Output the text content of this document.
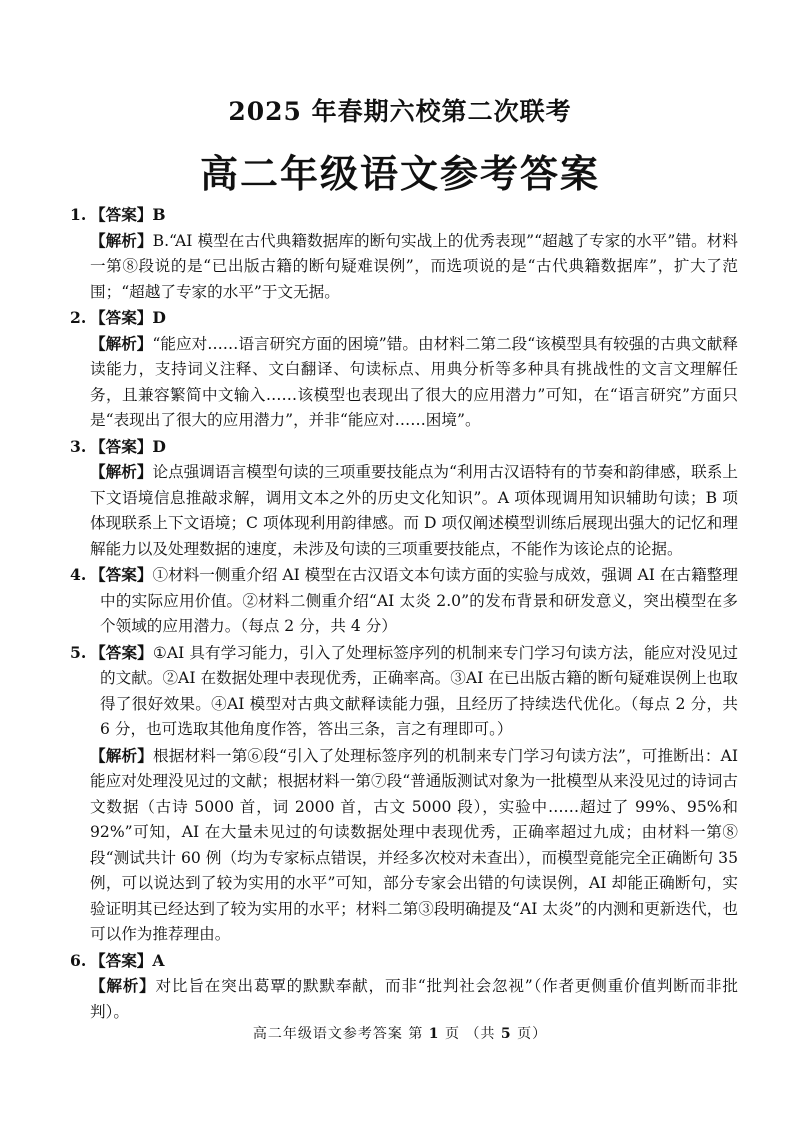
2025 年春期六校第二次联考
高二年级语文参考答案
1. 【答案】 B
【解析】B.“AI 模型在古代典籍数据库的断句实战上的优秀表现”“超越了专家的水平”错。材料一第⑧段说的是“已出版古籍的断句疑难误例”，而选项说的是“古代典籍数据库”，扩大了范围；“超越了专家的水平”于文无据。
2. 【答案】 D
【解析】“能应对……语言研究方面的困境”错。由材料二第二段“该模型具有较强的古典文献释读能力，支持词义注释、文白翻译、句读标点、用典分析等多种具有挑战性的文言文理解任务，且兼容繁简中文输入……该模型也表现出了很大的应用潜力”可知，在“语言研究”方面只是“表现出了很大的应用潜力”，并非“能应对……困境”。
3. 【答案】 D
【解析】论点强调语言模型句读的三项重要技能点为“利用古汉语特有的节奏和韵律感，联系上下文语境信息推敲求解，调用文本之外的历史文化知识”。A 项体现调用知识辅助句读；B 项体现联系上下文语境；C 项体现利用韵律感。而 D 项仅阐述模型训练后展现出强大的记忆和理解能力以及处理数据的速度，未涉及句读的三项重要技能点，不能作为该论点的论据。
4. 【答案】①材料一侧重介绍 AI 模型在古汉语文本句读方面的实验与成效，强调 AI 在古籍整理中的实际应用价值。②材料二侧重介绍“AI 太炎 2.0”的发布背景和研发意义，突出模型在多个领域的应用潜力。（每点 2 分，共 4 分）
5. 【答案】①AI 具有学习能力，引入了处理标签序列的机制来专门学习句读方法，能应对没见过的文献。②AI 在数据处理中表现优秀，正确率高。③AI 在已出版古籍的断句疑难误例上也取得了很好效果。④AI 模型对古典文献释读能力强，且经历了持续迭代优化。（每点 2 分，共 6 分，也可选取其他角度作答，答出三条，言之有理即可。）
【解析】根据材料一第⑥段“引入了处理标签序列的机制来专门学习句读方法”，可推断出：AI 能应对处理没见过的文献；根据材料一第⑦段“普通版测试对象为一批模型从来没见过的诗词古文数据（古诗 5000 首，词 2000 首，古文 5000 段），实验中……超过了 99%、95%和 92%”可知，AI 在大量未见过的句读数据处理中表现优秀，正确率超过九成；由材料一第⑧段“测试共计 60 例（均为专家标点错误，并经多次校对未查出），而模型竟能完全正确断句 35 例，可以说达到了较为实用的水平”可知，部分专家会出错的句读误例，AI 却能正确断句，实验证明其已经达到了较为实用的水平；材料二第③段明确提及“AI 太炎”的内测和更新迭代，也可以作为推荐理由。
6. 【答案】 A
【解析】对比旨在突出葛覃的默默奉献，而非“批判社会忽视”（作者更侧重价值判断而非批判）。
高二年级语文参考答案 第 1 页 （共 5 页）
